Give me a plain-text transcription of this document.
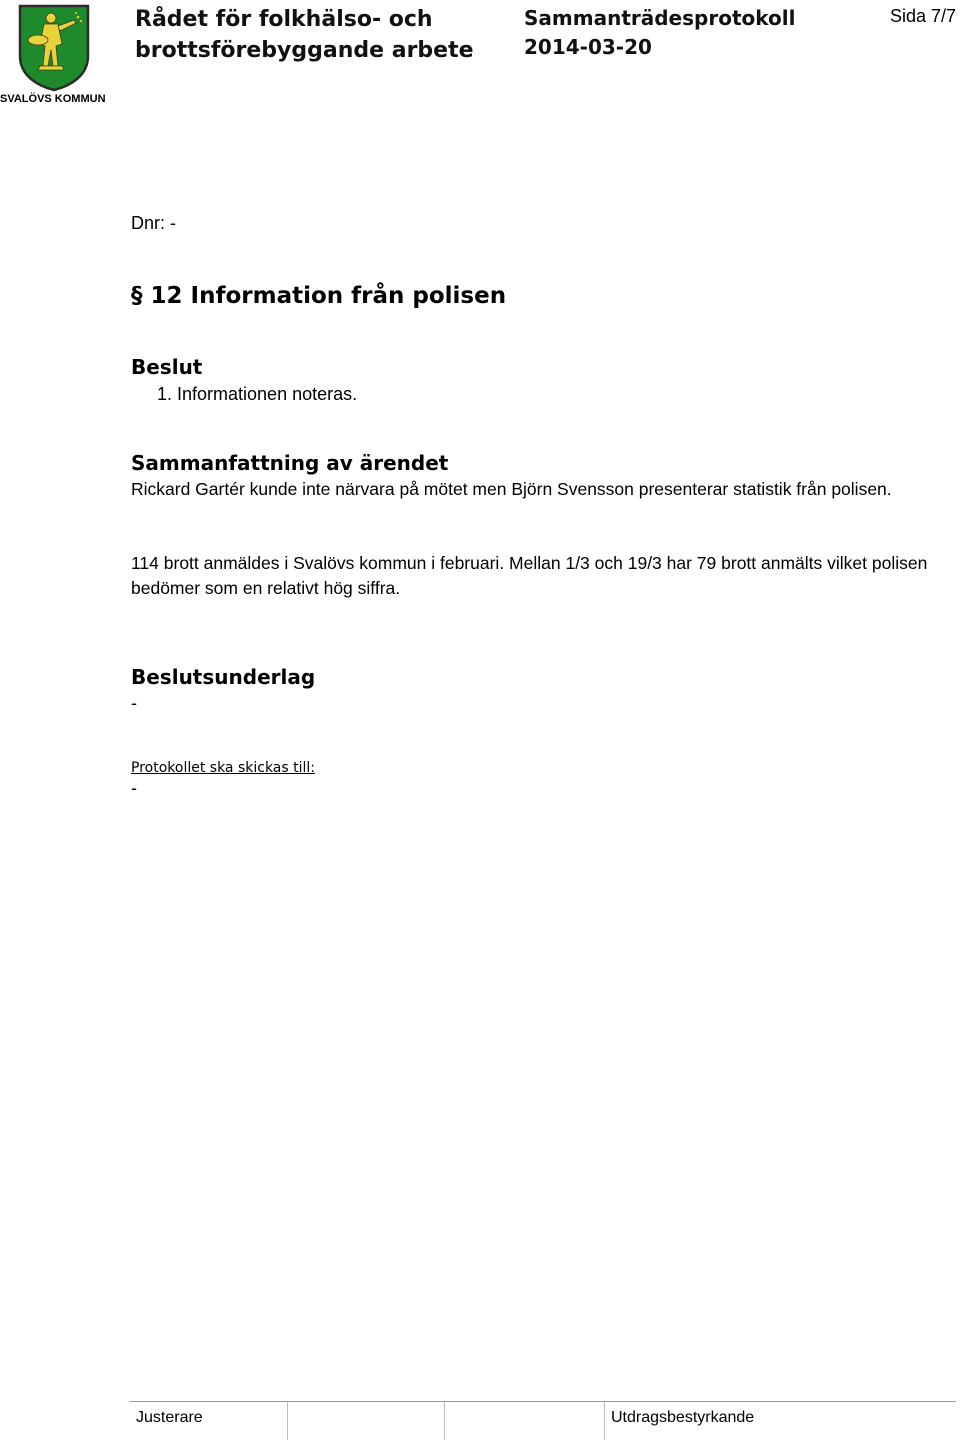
SVALÖVS KOMMUN
Rådet för folkhälso- och brottsförebyggande arbete
Sammanträdesprotokoll
2014-03-20
Sida 7/7
Dnr: -
§ 12 Information från polisen
Beslut
1. Informationen noteras.
Sammanfattning av ärendet
Rickard Gartér kunde inte närvara på mötet men Björn Svensson presenterar statistik från polisen.
114 brott anmäldes i Svalövs kommun i februari. Mellan 1/3 och 19/3 har 79 brott anmälts vilket polisen bedömer som en relativt hög siffra.
Beslutsunderlag
-
Protokollet ska skickas till:
-
Justerare	Utdragsbestyrkande
